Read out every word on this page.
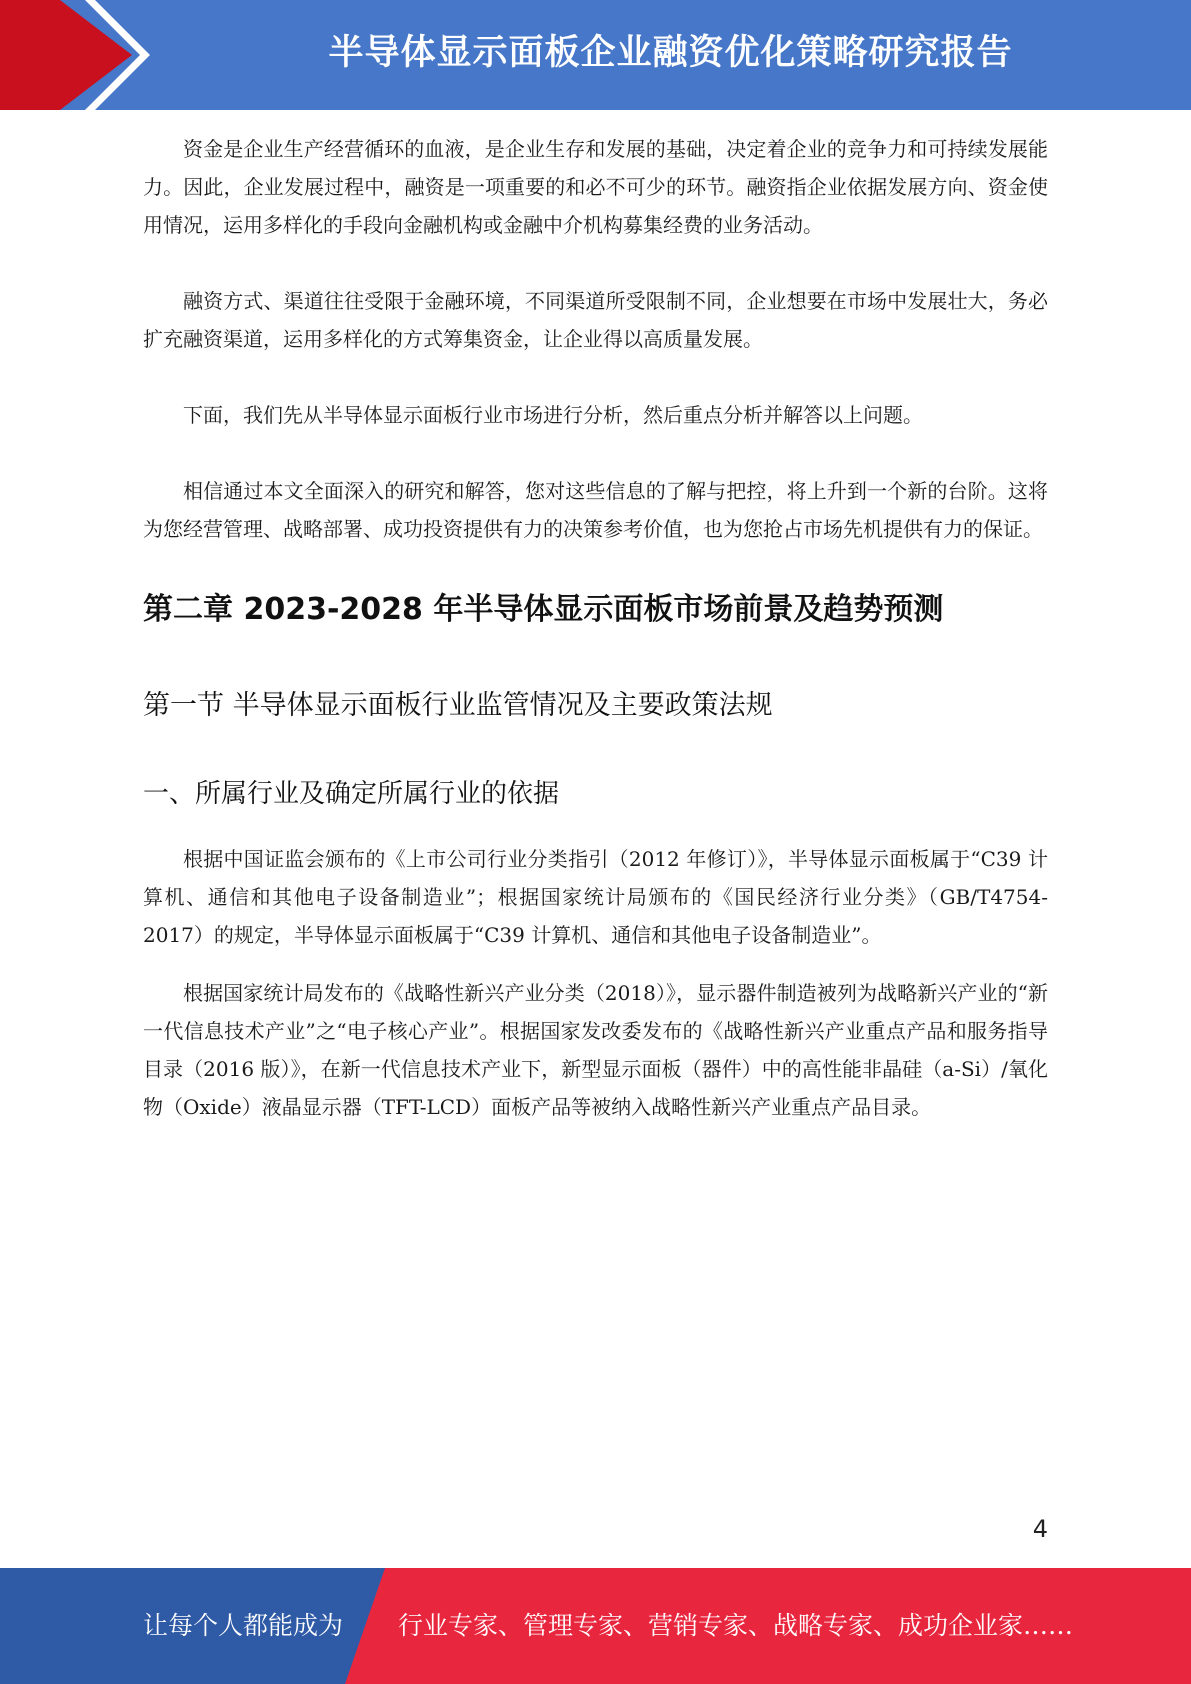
半导体显示面板企业融资优化策略研究报告

资金是企业生产经营循环的血液，是企业生存和发展的基础，决定着企业的竞争力和可持续发展能力。因此，企业发展过程中，融资是一项重要的和必不可少的环节。融资指企业依据发展方向、资金使用情况，运用多样化的手段向金融机构或金融中介机构募集经费的业务活动。

融资方式、渠道往往受限于金融环境，不同渠道所受限制不同，企业想要在市场中发展壮大，务必扩充融资渠道，运用多样化的方式筹集资金，让企业得以高质量发展。

下面，我们先从半导体显示面板行业市场进行分析，然后重点分析并解答以上问题。

相信通过本文全面深入的研究和解答，您对这些信息的了解与把控，将上升到一个新的台阶。这将为您经营管理、战略部署、成功投资提供有力的决策参考价值，也为您抢占市场先机提供有力的保证。

第二章 2023-2028 年半导体显示面板市场前景及趋势预测
第一节 半导体显示面板行业监管情况及主要政策法规
一、所属行业及确定所属行业的依据

根据中国证监会颁布的《上市公司行业分类指引（2012 年修订）》，半导体显示面板属于“C39 计算机、通信和其他电子设备制造业”；根据国家统计局颁布的《国民经济行业分类》（GB/T4754-2017）的规定，半导体显示面板属于“C39 计算机、通信和其他电子设备制造业”。

根据国家统计局发布的《战略性新兴产业分类（2018）》，显示器件制造被列为战略新兴产业的“新一代信息技术产业”之“电子核心产业”。根据国家发改委发布的《战略性新兴产业重点产品和服务指导目录（2016 版）》，在新一代信息技术产业下，新型显示面板（器件）中的高性能非晶硅（a-Si）/氧化物（Oxide）液晶显示器（TFT-LCD）面板产品等被纳入战略性新兴产业重点产品目录。

4
让每个人都能成为 行业专家、管理专家、营销专家、战略专家、成功企业家……
